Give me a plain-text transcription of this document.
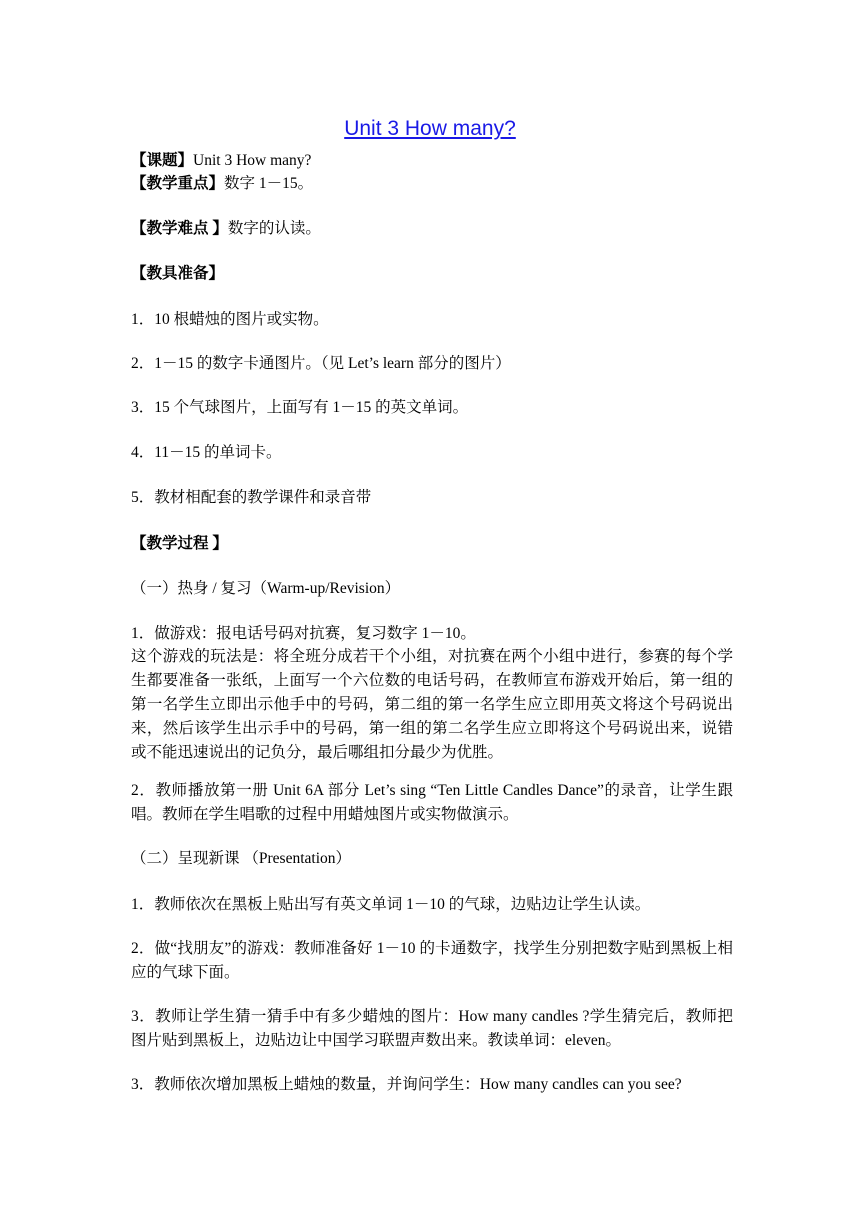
Unit 3 How many?
【课题】Unit 3 How many?
【教学重点】数字 1－15。
【教学难点 】数字的认读。
【教具准备】
1．10 根蜡烛的图片或实物。
2．1－15 的数字卡通图片。（见 Let’s learn 部分的图片）
3．15 个气球图片，上面写有 1－15 的英文单词。
4．11－15 的单词卡。
5．教材相配套的教学课件和录音带
【教学过程 】
（一）热身 / 复习（Warm-up/Revision）
1．做游戏：报电话号码对抗赛，复习数字 1－10。
这个游戏的玩法是：将全班分成若干个小组，对抗赛在两个小组中进行，参赛的每个学生都要准备一张纸，上面写一个六位数的电话号码，在教师宣布游戏开始后，第一组的第一名学生立即出示他手中的号码，第二组的第一名学生应立即用英文将这个号码说出来，然后该学生出示手中的号码，第一组的第二名学生应立即将这个号码说出来，说错或不能迅速说出的记负分，最后哪组扣分最少为优胜。
2．教师播放第一册 Unit 6A 部分 Let’s sing “Ten Little Candles Dance”的录音，让学生跟唱。教师在学生唱歌的过程中用蜡烛图片或实物做演示。
（二）呈现新课 （Presentation）
1．教师依次在黑板上贴出写有英文单词 1－10 的气球，边贴边让学生认读。
2．做“找朋友”的游戏：教师准备好 1－10 的卡通数字，找学生分别把数字贴到黑板上相应的气球下面。
3．教师让学生猜一猜手中有多少蜡烛的图片：How many candles ?学生猜完后，教师把图片贴到黑板上，边贴边让中国学习联盟声数出来。教读单词：eleven。
3．教师依次增加黑板上蜡烛的数量，并询问学生：How many candles can you see?
